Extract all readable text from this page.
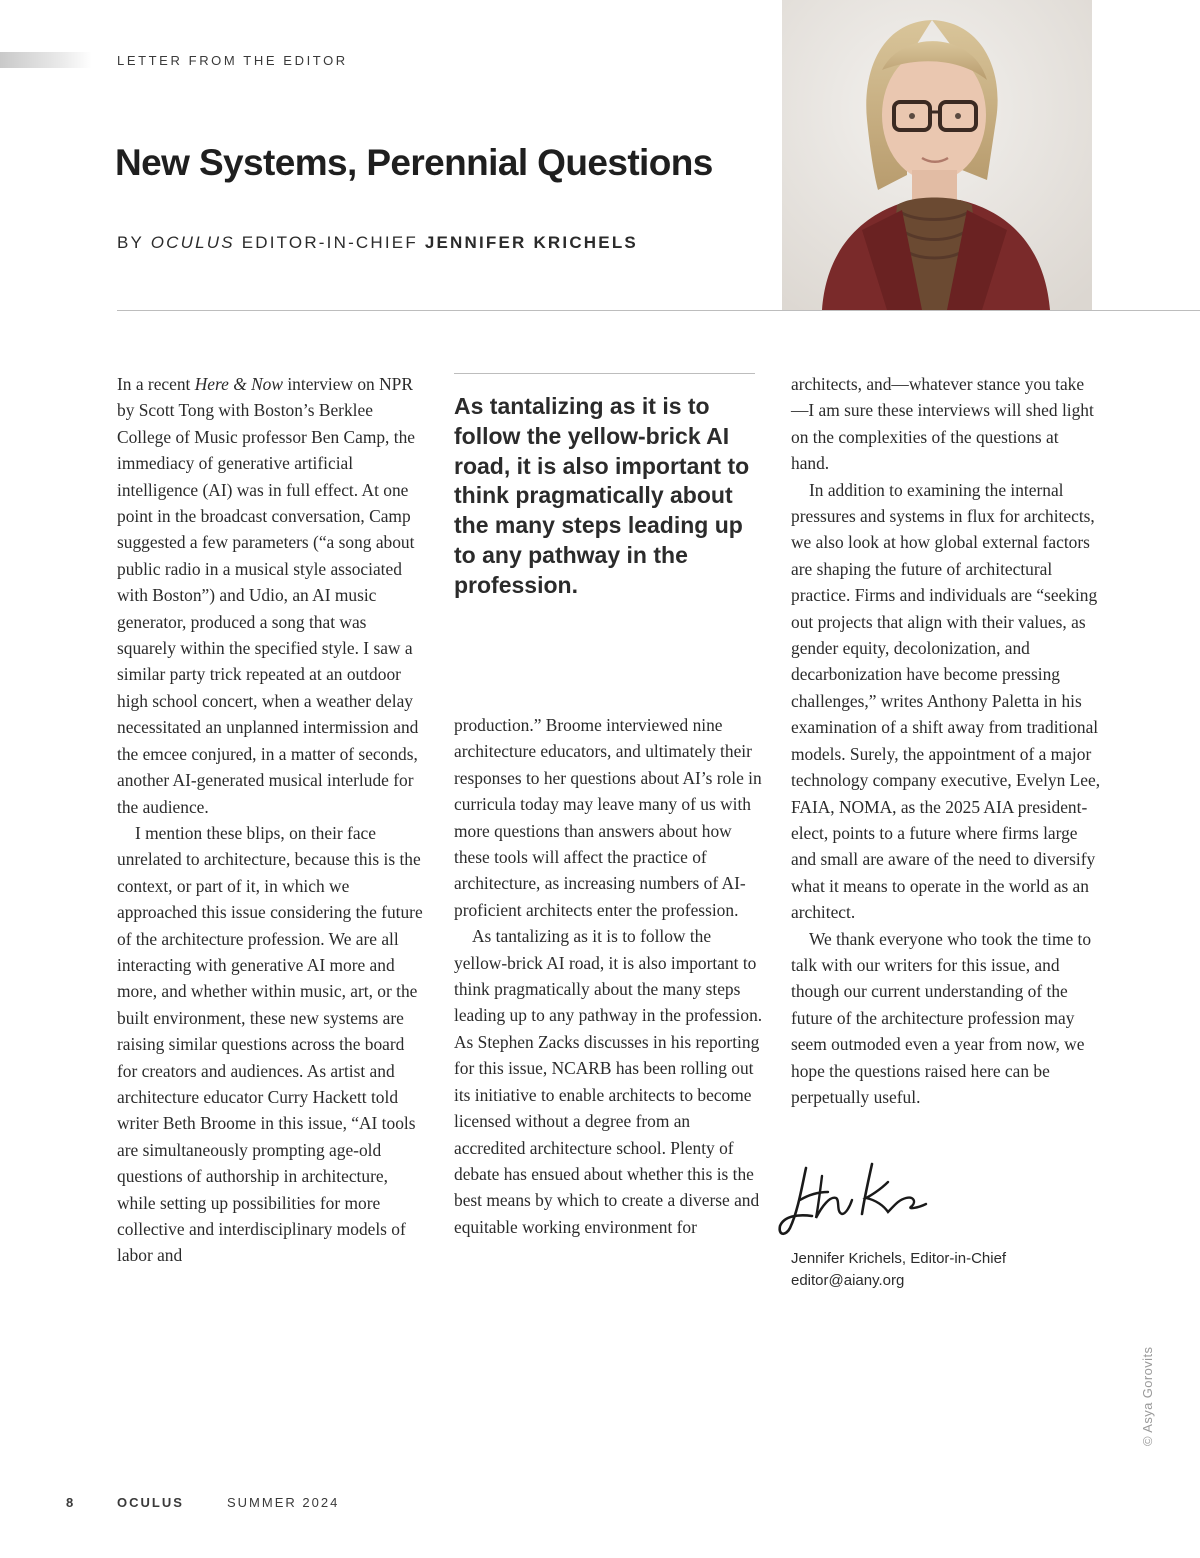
LETTER FROM THE EDITOR
New Systems, Perennial Questions
BY OCULUS EDITOR-IN-CHIEF JENNIFER KRICHELS

In a recent Here & Now interview on NPR by Scott Tong with Boston’s Berklee College of Music professor Ben Camp, the immediacy of generative artificial intelligence (AI) was in full effect. At one point in the broadcast conversation, Camp suggested a few parameters (“a song about public radio in a musical style associated with Boston”) and Udio, an AI music generator, produced a song that was squarely within the specified style. I saw a similar party trick repeated at an outdoor high school concert, when a weather delay necessitated an unplanned intermission and the emcee conjured, in a matter of seconds, another AI-generated musical interlude for the audience.

I mention these blips, on their face unrelated to architecture, because this is the context, or part of it, in which we approached this issue considering the future of the architecture profession. We are all interacting with generative AI more and more, and whether within music, art, or the built environment, these new systems are raising similar questions across the board for creators and audiences. As artist and architecture educator Curry Hackett told writer Beth Broome in this issue, “AI tools are simultaneously prompting age-old questions of authorship in architecture, while setting up possibilities for more collective and interdisciplinary models of labor and

As tantalizing as it is to follow the yellow-brick AI road, it is also important to think pragmatically about the many steps leading up to any pathway in the profession.

production.” Broome interviewed nine architecture educators, and ultimately their responses to her questions about AI’s role in curricula today may leave many of us with more questions than answers about how these tools will affect the practice of architecture, as increasing numbers of AI-proficient architects enter the profession.

As tantalizing as it is to follow the yellow-brick AI road, it is also important to think pragmatically about the many steps leading up to any pathway in the profession. As Stephen Zacks discusses in his reporting for this issue, NCARB has been rolling out its initiative to enable architects to become licensed without a degree from an accredited architecture school. Plenty of debate has ensued about whether this is the best means by which to create a diverse and equitable working environment for

architects, and—whatever stance you take—I am sure these interviews will shed light on the complexities of the questions at hand.

In addition to examining the internal pressures and systems in flux for architects, we also look at how global external factors are shaping the future of architectural practice. Firms and individuals are “seeking out projects that align with their values, as gender equity, decolonization, and decarbonization have become pressing challenges,” writes Anthony Paletta in his examination of a shift away from traditional models. Surely, the appointment of a major technology company executive, Evelyn Lee, FAIA, NOMA, as the 2025 AIA president-elect, points to a future where firms large and small are aware of the need to diversify what it means to operate in the world as an architect.

We thank everyone who took the time to talk with our writers for this issue, and though our current understanding of the future of the architecture profession may seem outmoded even a year from now, we hope the questions raised here can be perpetually useful.

Jennifer Krichels, Editor-in-Chief
editor@aiany.org
© Asya Gorovits
8	OCULUS	SUMMER 2024
